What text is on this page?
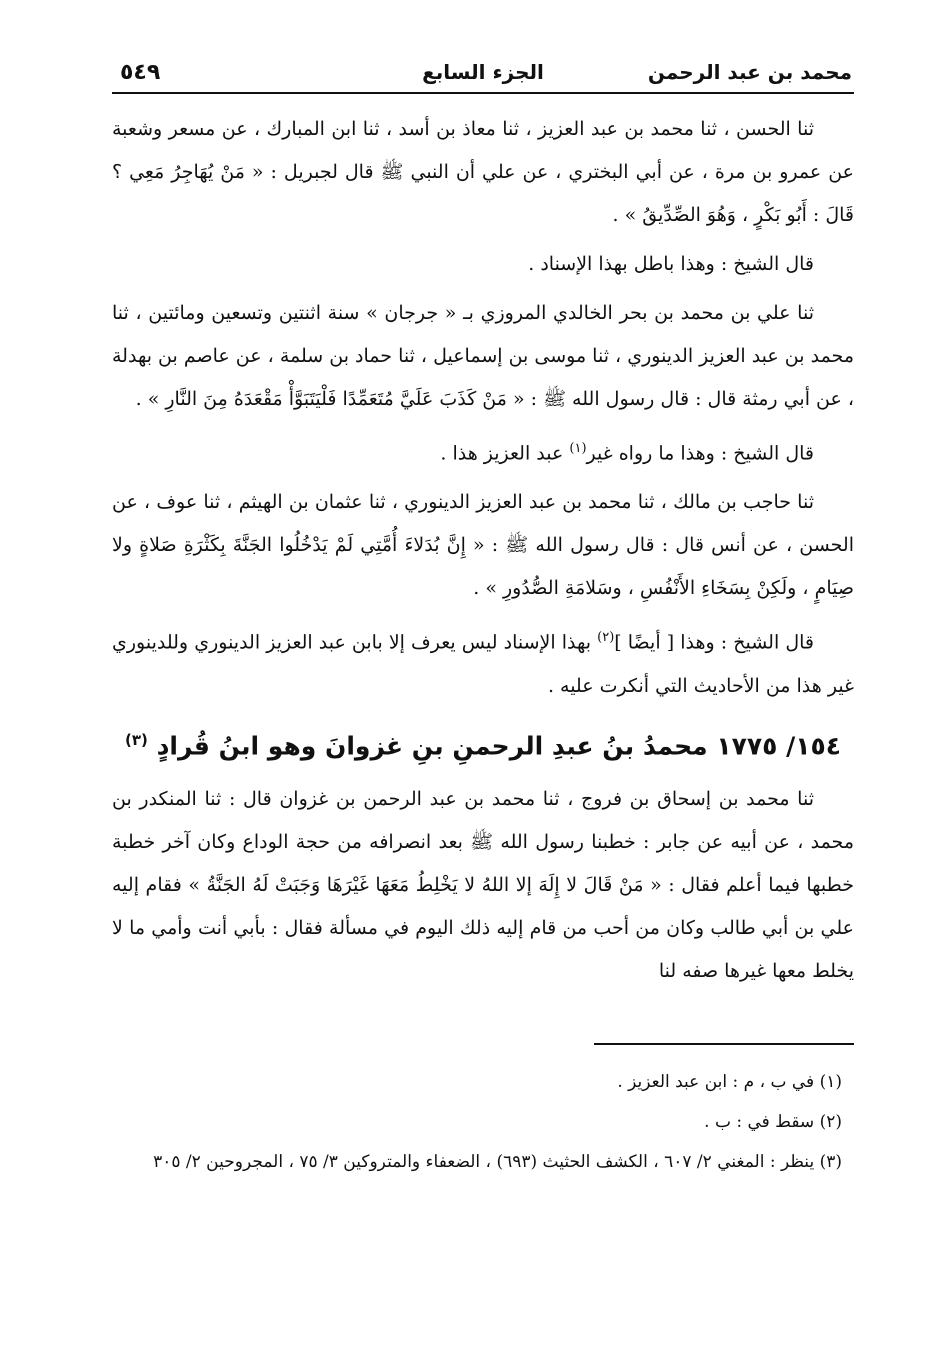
محمد بن عبد الرحمن
الجزء السابع
٥٤٩

ثنا الحسن ، ثنا محمد بن عبد العزيز ، ثنا معاذ بن أسد ، ثنا ابن المبارك ، عن مسعر وشعبة عن عمرو بن مرة ، عن أبي البختري ، عن علي أن النبي ﷺ قال لجبريل : « مَنْ يُهَاجِرُ مَعِي ؟ قَالَ : أَبُو بَكْرٍ ، وَهُوَ الصِّدِّيقُ » .

قال الشيخ : وهذا باطل بهذا الإسناد .

ثنا علي بن محمد بن بحر الخالدي المروزي بـ « جرجان » سنة اثنتين وتسعين ومائتين ، ثنا محمد بن عبد العزيز الدينوري ، ثنا موسى بن إسماعيل ، ثنا حماد بن سلمة ، عن عاصم بن بهدلة ، عن أبي رمثة قال : قال رسول الله ﷺ : « مَنْ كَذَبَ عَلَيَّ مُتَعَمِّدًا فَلْيَتَبَوَّأْ مَقْعَدَهُ مِنَ النَّارِ » .

قال الشيخ : وهذا ما رواه غير$^{(١)}$ عبد العزيز هذا .

ثنا حاجب بن مالك ، ثنا محمد بن عبد العزيز الدينوري ، ثنا عثمان بن الهيثم ، ثنا عوف ، عن الحسن ، عن أنس قال : قال رسول الله ﷺ : « إِنَّ بُدَلاءَ أُمَّتِي لَمْ يَدْخُلُوا الجَنَّةَ بِكَثْرَةِ صَلاةٍ ولا صِيَامٍ ، ولَكِنْ بِسَخَاءِ الأَنْفُسِ ، وسَلامَةِ الصُّدُورِ » .

قال الشيخ : وهذا [ أيضًا ]$^{(٢)}$ بهذا الإسناد ليس يعرف إلا بابن عبد العزيز الدينوري وللدينوري غير هذا من الأحاديث التي أنكرت عليه .

١٥٤/ ١٧٧٥ محمدُ بنُ عبدِ الرحمنِ بنِ غزوانَ وهو ابنُ قُرادٍ $^{(٣)}$

ثنا محمد بن إسحاق بن فروج ، ثنا محمد بن عبد الرحمن بن غزوان قال : ثنا المنكدر بن محمد ، عن أبيه عن جابر : خطبنا رسول الله ﷺ بعد انصرافه من حجة الوداع وكان آخر خطبة خطبها فيما أعلم فقال : « مَنْ قَالَ لا إِلَهَ إلا اللهُ لا يَخْلِطُ مَعَهَا غَيْرَهَا وَجَبَتْ لَهُ الجَنَّةُ » فقام إليه علي بن أبي طالب وكان من أحب من قام إليه ذلك اليوم في مسألة فقال : بأبي أنت وأمي ما لا يخلط معها غيرها صفه لنا

(١) في ب ، م : ابن عبد العزيز .

(٢) سقط في : ب .

(٣) ينظر : المغني ٢/ ٦٠٧ ، الكشف الحثيث (٦٩٣) ، الضعفاء والمتروكين ٣/ ٧٥ ، المجروحين ٢/ ٣٠٥
